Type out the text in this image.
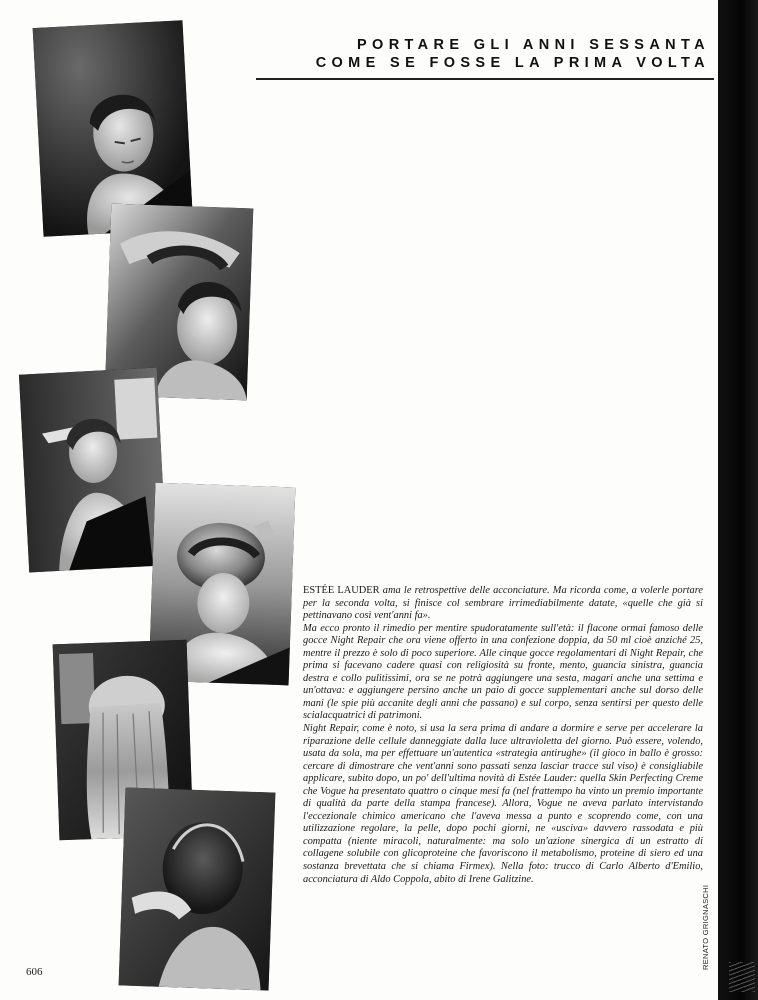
PORTARE GLI ANNI SESSANTA
COME SE FOSSE LA PRIMA VOLTA

ESTÉE LAUDER ama le retrospettive delle acconciature. Ma ricorda come, a volerle portare per la seconda volta, si finisce col sembrare irrimediabilmente datate, «quelle che già si pettinavano così vent'anni fa».

Ma ecco pronto il rimedio per mentire spudoratamente sull'età: il flacone ormai famoso delle gocce Night Repair che ora viene offerto in una confezione doppia, da 50 ml cioè anziché 25, mentre il prezzo è solo di poco superiore. Alle cinque gocce regolamentari di Night Repair, che prima si facevano cadere quasi con religiosità su fronte, mento, guancia sinistra, guancia destra e collo pulitissimi, ora se ne potrà aggiungere una sesta, magari anche una settima e un'ottava: e aggiungere persino anche un paio di gocce supplementari anche sul dorso delle mani (le spie più accanite degli anni che passano) e sul corpo, senza sentirsi per questo delle scialacquatrici di patrimoni.

Night Repair, come è noto, si usa la sera prima di andare a dormire e serve per accelerare la riparazione delle cellule danneggiate dalla luce ultravioletta del giorno. Può essere, volendo, usata da sola, ma per effettuare un'autentica «strategia antirughe» (il gioco in ballo è grosso: cercare di dimostrare che vent'anni sono passati senza lasciar tracce sul viso) è consigliabile applicare, subito dopo, un po' dell'ultima novità di Estée Lauder: quella Skin Perfecting Creme che Vogue ha presentato quattro o cinque mesi fa (nel frattempo ha vinto un premio importante di qualità da parte della stampa francese). Allora, Vogue ne aveva parlato intervistando l'eccezionale chimico americano che l'aveva messa a punto e scoprendo come, con una utilizzazione regolare, la pelle, dopo pochi giorni, ne «usciva» davvero rassodata e più compatta (niente miracoli, naturalmente: ma solo un'azione sinergica di un estratto di collagene solubile con glicoproteine che favoriscono il metabolismo, proteine di siero ed una sostanza brevettata che si chiama Firmex). Nella foto: trucco di Carlo Alberto d'Emilio, acconciatura di Aldo Coppola, abito di Irene Galitzine.

RENATO GRIGNASCHI
606
